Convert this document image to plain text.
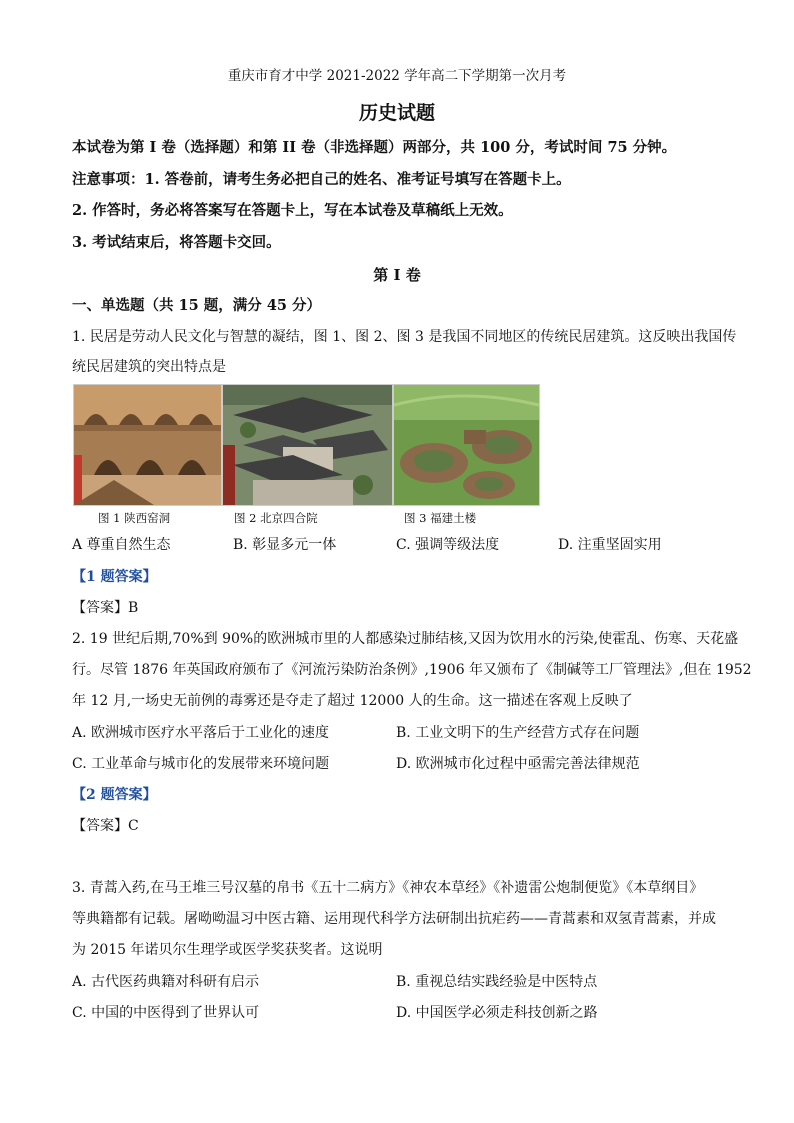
重庆市育才中学 2021-2022 学年高二下学期第一次月考
历史试题
本试卷为第 I 卷（选择题）和第 II 卷（非选择题）两部分，共 100 分，考试时间 75 分钟。
注意事项：1. 答卷前，请考生务必把自己的姓名、准考证号填写在答题卡上。
2. 作答时，务必将答案写在答题卡上，写在本试卷及草稿纸上无效。
3. 考试结束后，将答题卡交回。
第 I 卷
一、单选题（共 15 题，满分 45 分）
1. 民居是劳动人民文化与智慧的凝结，图 1、图 2、图 3 是我国不同地区的传统民居建筑。这反映出我国传
统民居建筑的突出特点是
图 1 陕西窑洞	图 2 北京四合院	图 3 福建土楼
A 尊重自然生态	B. 彰显多元一体	C. 强调等级法度	D. 注重坚固实用
【1 题答案】
【答案】B
2. 19 世纪后期,70%到 90%的欧洲城市里的人都感染过肺结核,又因为饮用水的污染,使霍乱、伤寒、天花盛
行。尽管 1876 年英国政府颁布了《河流污染防治条例》,1906 年又颁布了《制碱等工厂管理法》,但在 1952
年 12 月,一场史无前例的毒雾还是夺走了超过 12000 人的生命。这一描述在客观上反映了
A. 欧洲城市医疗水平落后于工业化的速度	B. 工业文明下的生产经营方式存在问题
C. 工业革命与城市化的发展带来环境问题	D. 欧洲城市化过程中亟需完善法律规范
【2 题答案】
【答案】C
3. 青蒿入药,在马王堆三号汉墓的帛书《五十二病方》《神农本草经》《补遗雷公炮制便览》《本草纲目》
等典籍都有记载。屠呦呦温习中医古籍、运用现代科学方法研制出抗疟药——青蒿素和双氢青蒿素，并成
为 2015 年诺贝尔生理学或医学奖获奖者。这说明
A. 古代医药典籍对科研有启示	B. 重视总结实践经验是中医特点
C. 中国的中医得到了世界认可	D. 中国医学必须走科技创新之路
